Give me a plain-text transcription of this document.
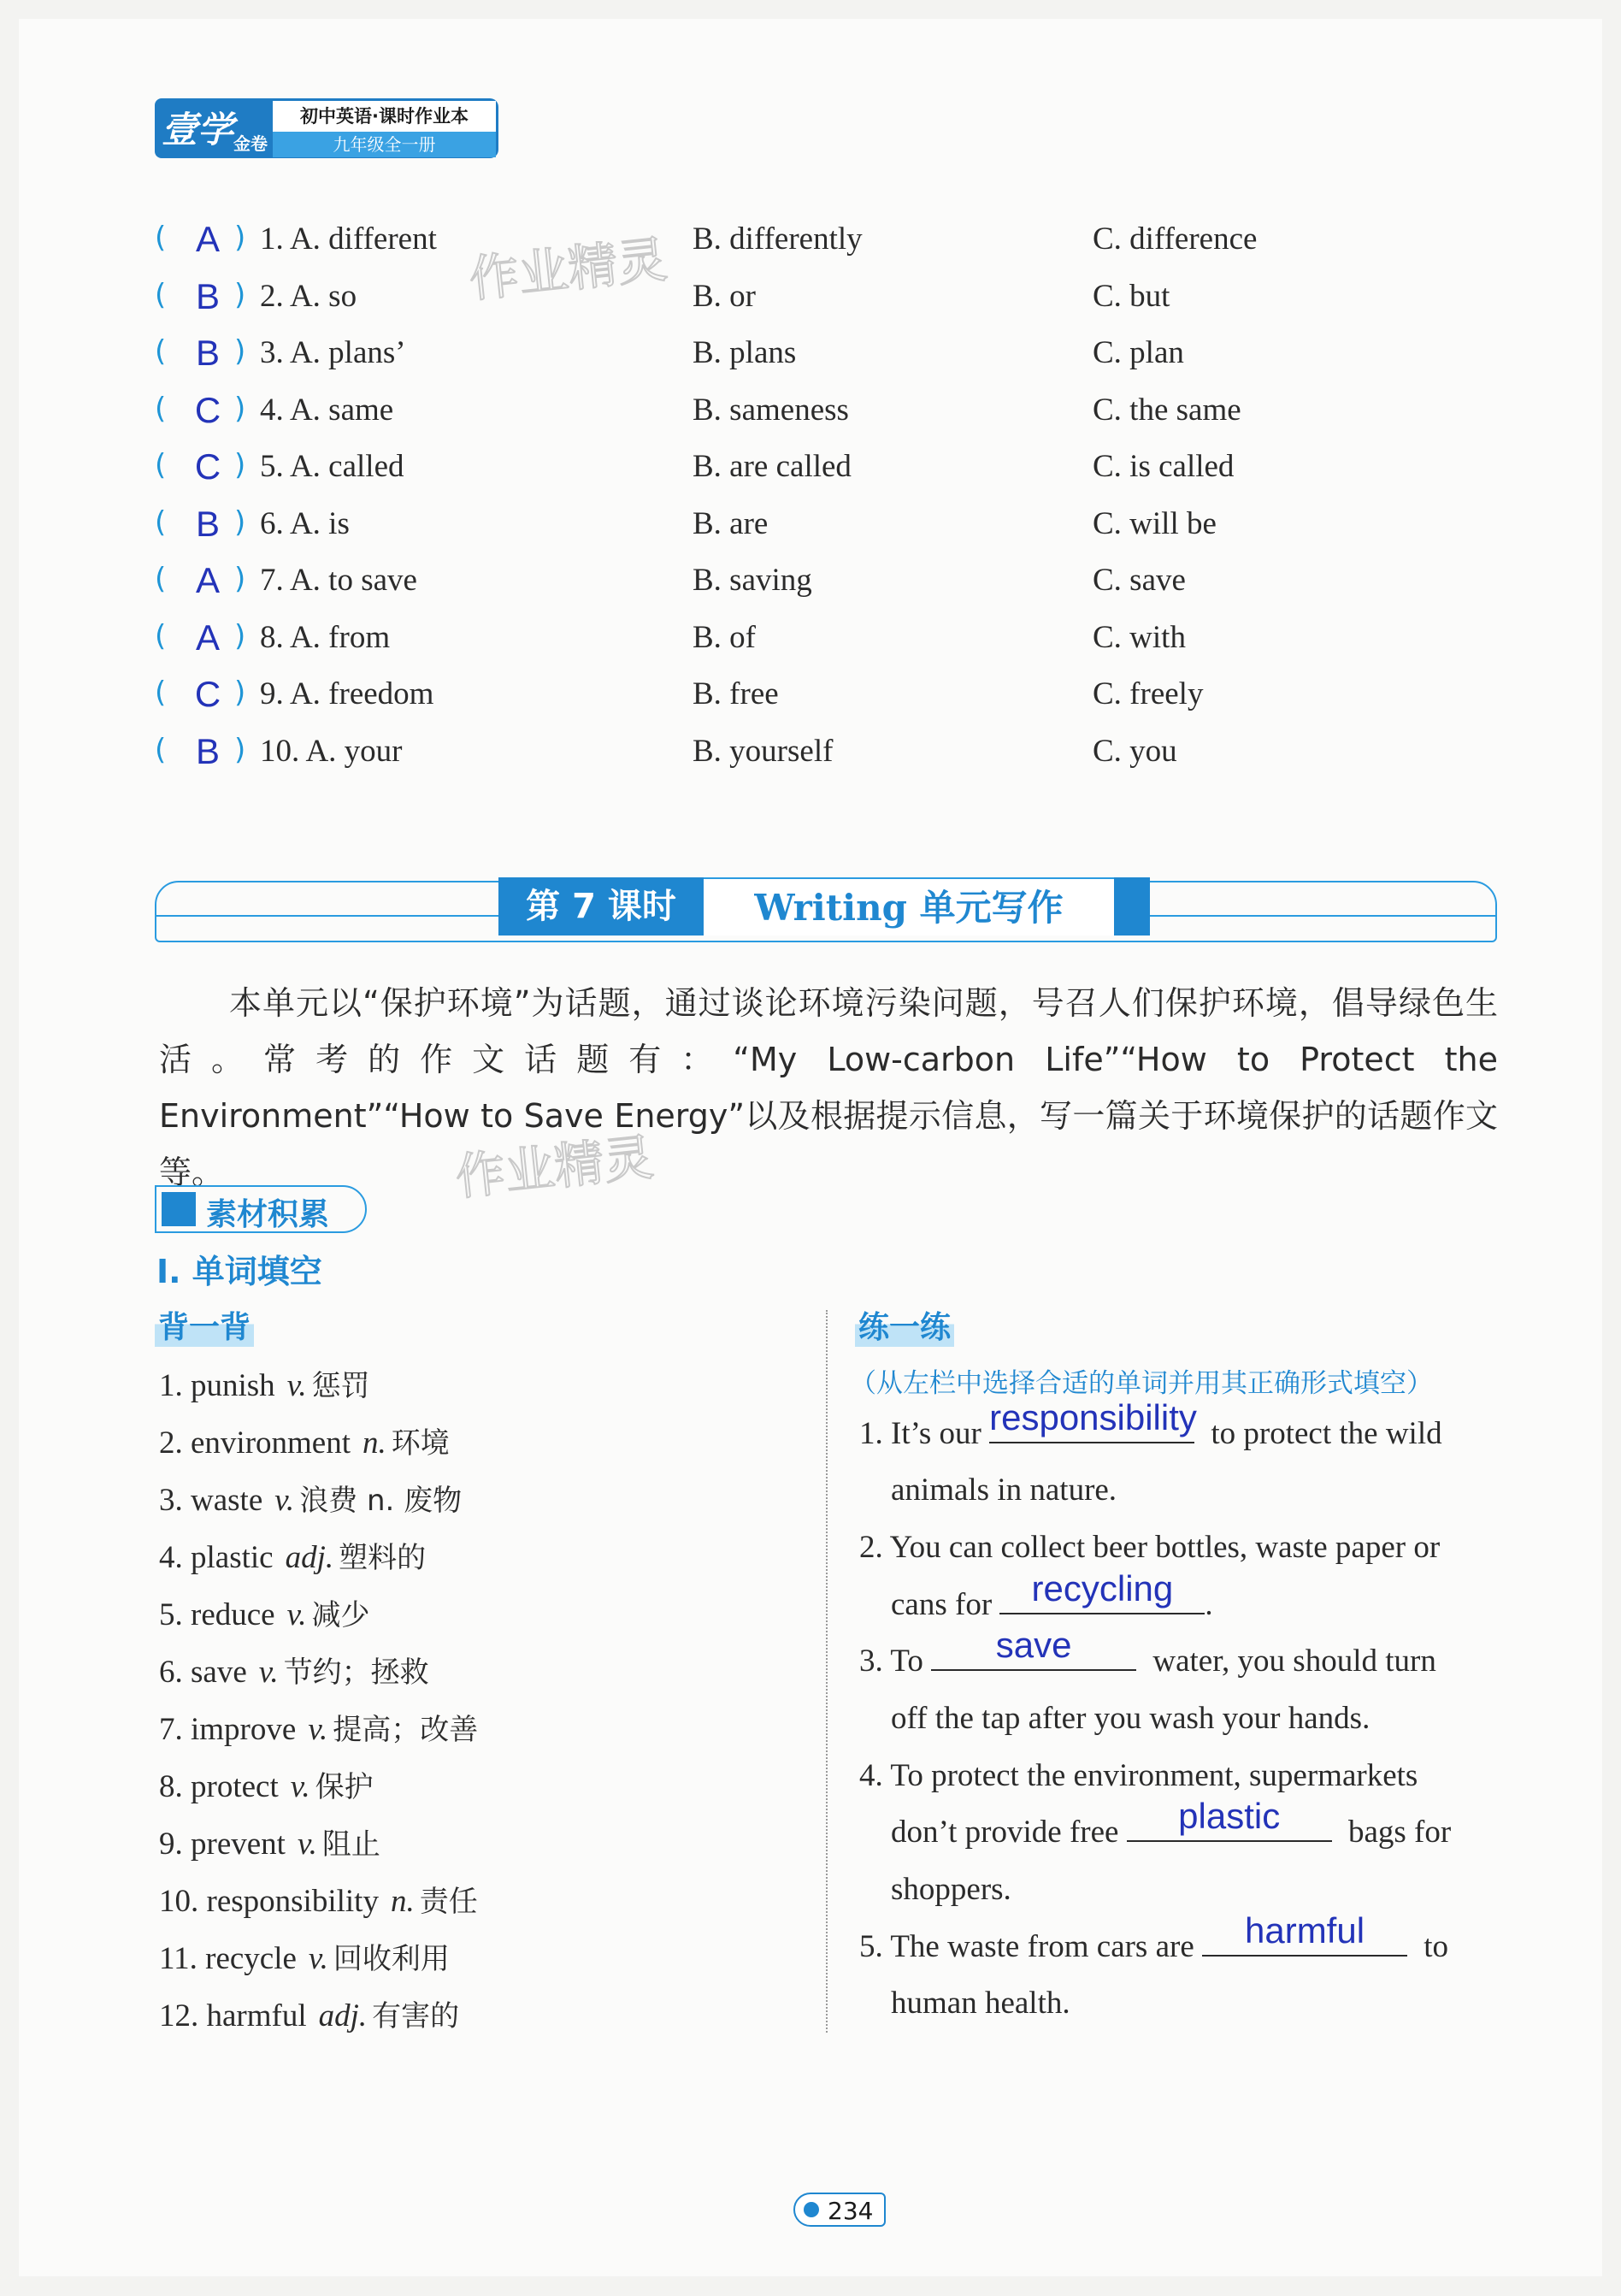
壹学 金卷
初中英语·课时作业本
九年级全一册
( A ) 1. A. different	B. differently	C. difference
( B ) 2. A. so	B. or	C. but
( B ) 3. A. plans’	B. plans	C. plan
( C ) 4. A. same	B. sameness	C. the same
( C ) 5. A. called	B. are called	C. is called
( B ) 6. A. is	B. are	C. will be
( A ) 7. A. to save	B. saving	C. save
( A ) 8. A. from	B. of	C. with
( C ) 9. A. freedom	B. free	C. freely
( B ) 10. A. your	B. yourself	C. you
作业精灵
第 7 课时	Writing 单元写作
本单元以“保护环境”为话题，通过谈论环境污染问题，号召人们保护环境，倡导绿色生活。常考的作文话题有：“My Low-carbon Life”“How to Protect the Environment”“How to Save Energy”以及根据提示信息，写一篇关于环境保护的话题作文等。	作业精灵
素材积累
I. 单词填空
背一背	练一练
（从左栏中选择合适的单词并用其正确形式填空）
1. punish v. 惩罚
2. environment n. 环境
3. waste v. 浪费 n. 废物
4. plastic adj. 塑料的
5. reduce v. 减少
6. save v. 节约；拯救
7. improve v. 提高；改善
8. protect v. 保护
9. prevent v. 阻止
10. responsibility n. 责任
11. recycle v. 回收利用
12. harmful adj. 有害的
1. It’s our responsibility to protect the wild
animals in nature.
2. You can collect beer bottles, waste paper or
cans for	recycling	.
3. To	save	water, you should turn
off the tap after you wash your hands.
4. To protect the environment, supermarkets
don’t provide free	plastic	bags for
shoppers.
5. The waste from cars are	harmful	to
human health.
234
